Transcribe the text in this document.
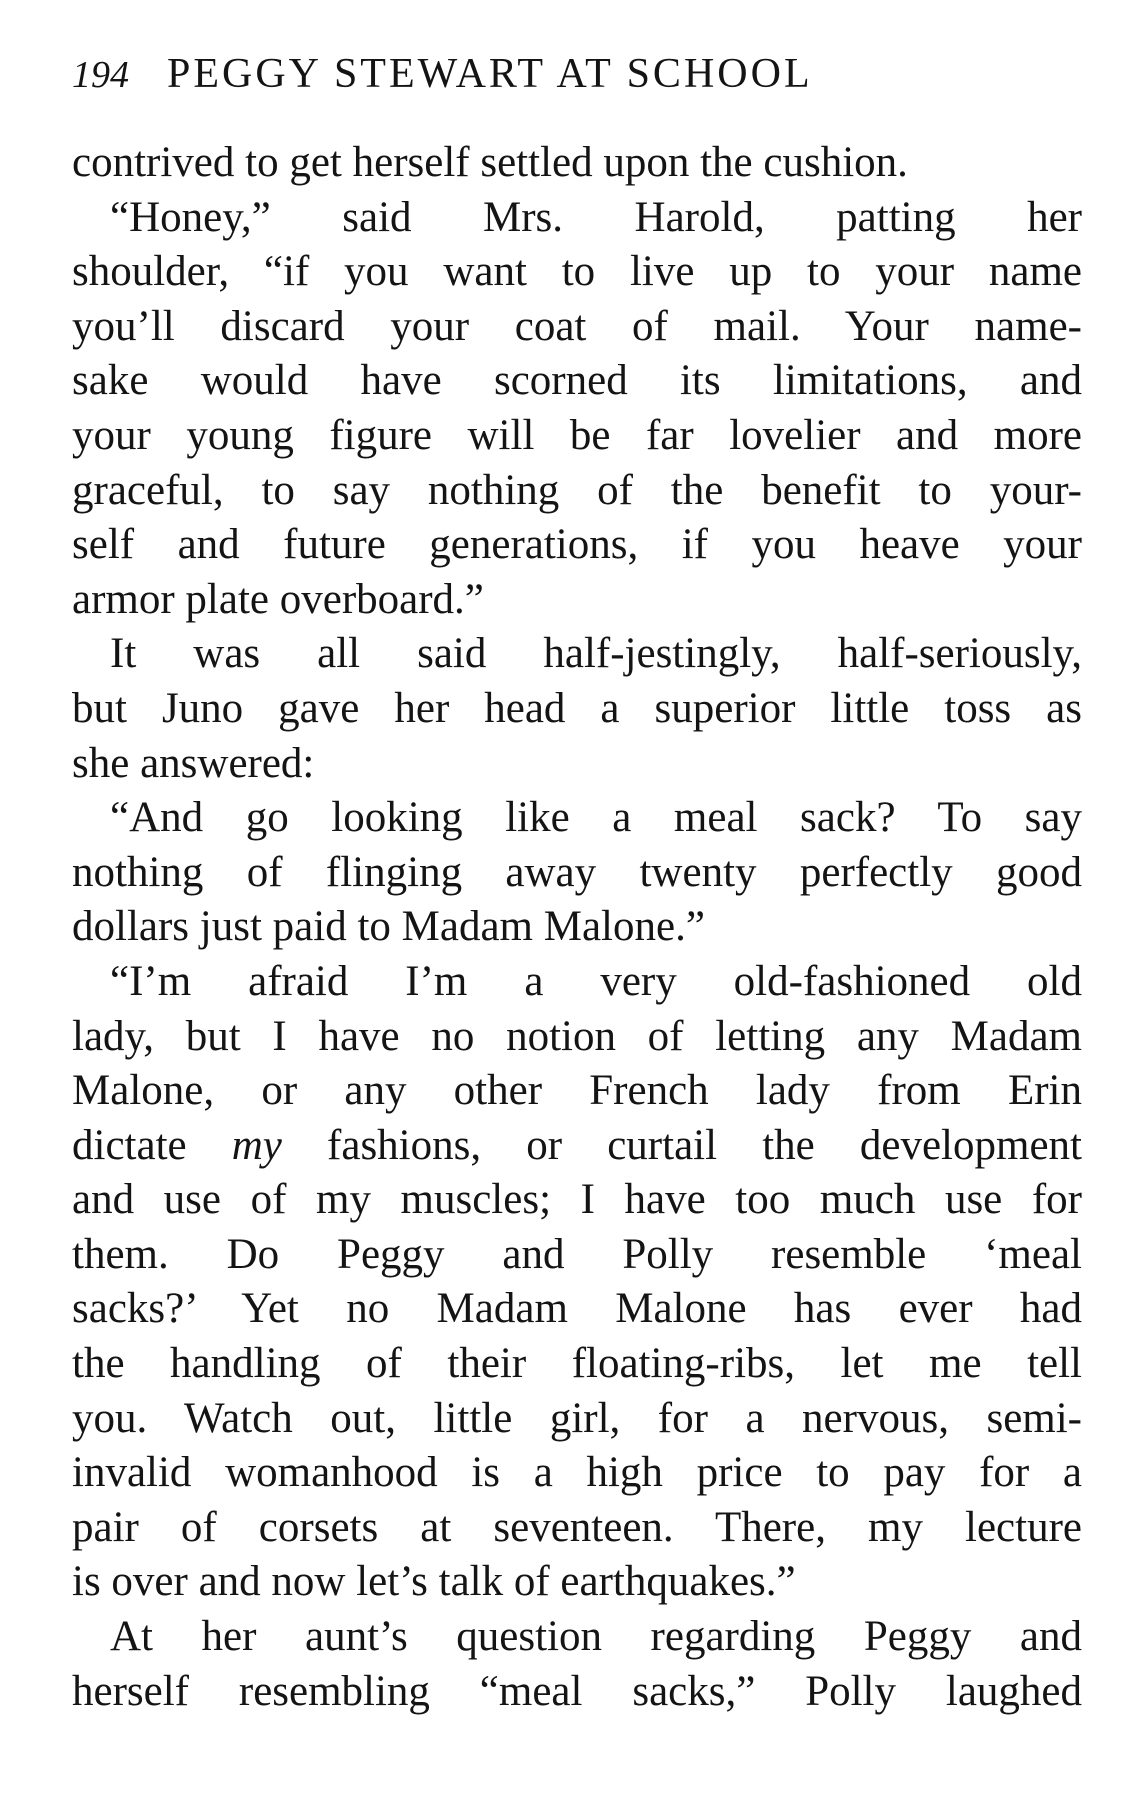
194 PEGGY STEWART AT SCHOOL
contrived to get herself settled upon the cushion.
“Honey,” said Mrs. Harold, patting her
shoulder, “if you want to live up to your name
you’ll discard your coat of mail. Your name-
sake would have scorned its limitations, and
your young figure will be far lovelier and more
graceful, to say nothing of the benefit to your-
self and future generations, if you heave your
armor plate overboard.”
It was all said half-jestingly, half-seriously,
but Juno gave her head a superior little toss as
she answered:
“And go looking like a meal sack? To say
nothing of flinging away twenty perfectly good
dollars just paid to Madam Malone.”
“I’m afraid I’m a very old-fashioned old
lady, but I have no notion of letting any Madam
Malone, or any other French lady from Erin
dictate my fashions, or curtail the development
and use of my muscles; I have too much use for
them. Do Peggy and Polly resemble ‘meal
sacks?’ Yet no Madam Malone has ever had
the handling of their floating-ribs, let me tell
you. Watch out, little girl, for a nervous, semi-
invalid womanhood is a high price to pay for a
pair of corsets at seventeen. There, my lecture
is over and now let’s talk of earthquakes.”
At her aunt’s question regarding Peggy and
herself resembling “meal sacks,” Polly laughed
